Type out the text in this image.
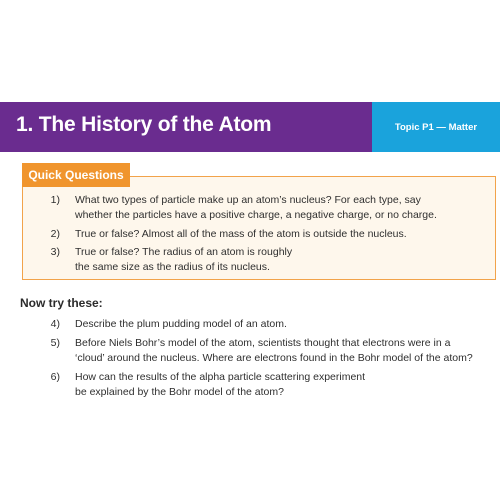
1. The History of the Atom	Topic P1 — Matter
Quick Questions
1) What two types of particle make up an atom’s nucleus? For each type, say
whether the particles have a positive charge, a negative charge, or no charge.
2) True or false? Almost all of the mass of the atom is outside the nucleus.
3) True or false? The radius of an atom is roughly
the same size as the radius of its nucleus.
Now try these:
4) Describe the plum pudding model of an atom.
5) Before Niels Bohr’s model of the atom, scientists thought that electrons were in a
‘cloud’ around the nucleus. Where are electrons found in the Bohr model of the atom?
6) How can the results of the alpha particle scattering experiment
be explained by the Bohr model of the atom?
